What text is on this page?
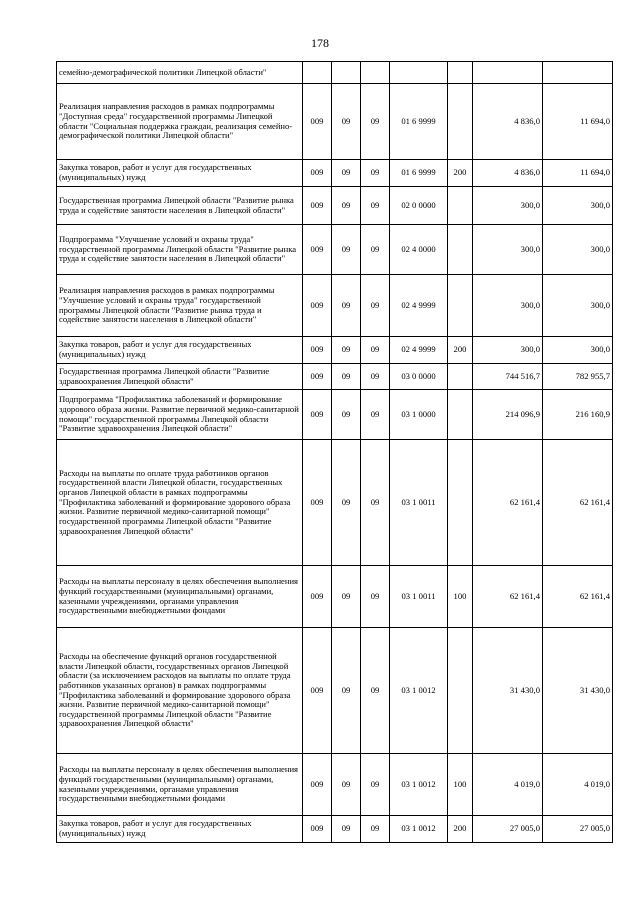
178
семейно-демографической политики Липецкой области"							
Реализация направления расходов в рамках подпрограммы "Доступная среда" государственной программы Липецкой области "Социальная поддержка граждан, реализация семейно-демографической политики Липецкой области"	009	09	09	01 6 9999		4 836,0	11 694,0
Закупка товаров, работ и услуг для государственных (муниципальных) нужд	009	09	09	01 6 9999	200	4 836,0	11 694,0
Государственная программа Липецкой области "Развитие рынка труда и содействие занятости населения в Липецкой области"	009	09	09	02 0 0000		300,0	300,0
Подпрограмма "Улучшение условий и охраны труда" государственной программы Липецкой области "Развитие рынка труда и содействие занятости населения в Липецкой области"	009	09	09	02 4 0000		300,0	300,0
Реализация направления расходов в рамках подпрограммы "Улучшение условий и охраны труда" государственной программы Липецкой области "Развитие рынка труда и содействие занятости населения в Липецкой области"	009	09	09	02 4 9999		300,0	300,0
Закупка товаров, работ и услуг для государственных (муниципальных) нужд	009	09	09	02 4 9999	200	300,0	300,0
Государственная программа Липецкой области "Развитие здравоохранения Липецкой области"	009	09	09	03 0 0000		744 516,7	782 955,7
Подпрограмма "Профилактика заболеваний и формирование здорового образа жизни. Развитие первичной медико-санитарной помощи" государственной программы Липецкой области "Развитие здравоохранения Липецкой области"	009	09	09	03 1 0000		214 096,9	216 160,9
Расходы на выплаты по оплате труда работников органов государственной власти Липецкой области, государственных органов Липецкой области в рамках подпрограммы "Профилактика заболеваний и формирование здорового образа жизни. Развитие первичной медико-санитарной помощи" государственной программы Липецкой области "Развитие здравоохранения Липецкой области"	009	09	09	03 1 0011		62 161,4	62 161,4
Расходы на выплаты персоналу в целях обеспечения выполнения функций государственными (муниципальными) органами, казенными учреждениями, органами управления государственными внебюджетными фондами	009	09	09	03 1 0011	100	62 161,4	62 161,4
Расходы на обеспечение функций органов государственной власти Липецкой области, государственных органов Липецкой области (за исключением расходов на выплаты по оплате труда работников указанных органов) в рамках подпрограммы "Профилактика заболеваний и формирование здорового образа жизни. Развитие первичной медико-санитарной помощи" государственной программы Липецкой области "Развитие здравоохранения Липецкой области"	009	09	09	03 1 0012		31 430,0	31 430,0
Расходы на выплаты персоналу в целях обеспечения выполнения функций государственными (муниципальными) органами, казенными учреждениями, органами управления государственными внебюджетными фондами	009	09	09	03 1 0012	100	4 019,0	4 019,0
Закупка товаров, работ и услуг для государственных (муниципальных) нужд	009	09	09	03 1 0012	200	27 005,0	27 005,0
